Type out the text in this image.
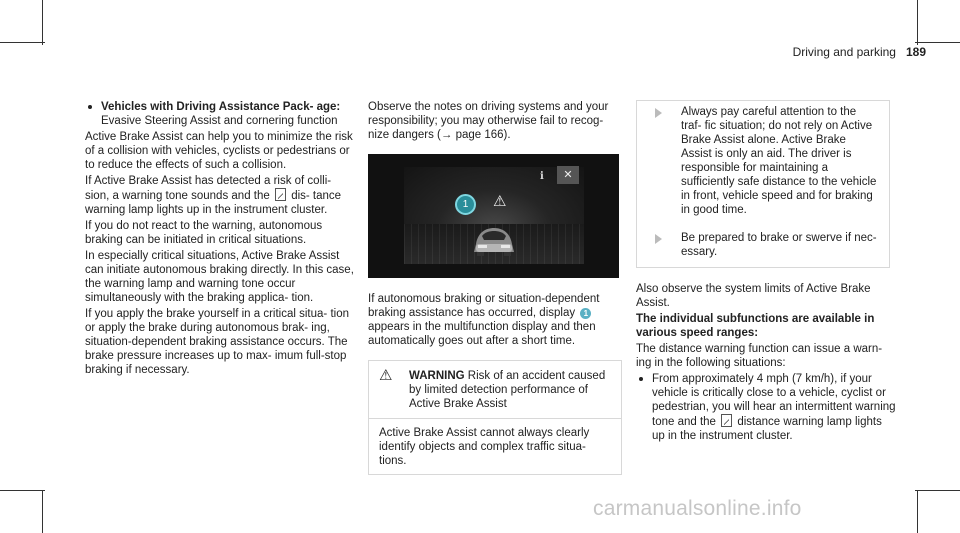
Driving and parking 189
Vehicles with Driving Assistance Pack‐ age: Evasive Steering Assist and cornering function

Active Brake Assist can help you to minimize the risk of a collision with vehicles, cyclists or pedestrians or to reduce the effects of such a collision.

If Active Brake Assist has detected a risk of colli‐ sion, a warning tone sounds and the dis‐ tance warning lamp lights up in the instrument cluster.

If you do not react to the warning, autonomous braking can be initiated in critical situations.

In especially critical situations, Active Brake Assist can initiate autonomous braking directly. In this case, the warning lamp and warning tone occur simultaneously with the braking applica‐ tion.

If you apply the brake yourself in a critical situa‐ tion or apply the brake during autonomous brak‐ ing, situation-dependent braking assistance occurs. The brake pressure increases up to max‐ imum full-stop braking if necessary.

Observe the notes on driving systems and your responsibility; you may otherwise fail to recog‐ nize dangers (→ page 166).

i	✕
1	⚠

If autonomous braking or situation-dependent braking assistance has occurred, display 1 appears in the multifunction display and then automatically goes out after a short time.

⚠ WARNING Risk of an accident caused by limited detection performance of Active Brake Assist
Active Brake Assist cannot always clearly identify objects and complex traffic situa‐ tions.
Always pay careful attention to the traf‐ fic situation; do not rely on Active Brake Assist alone. Active Brake Assist is only an aid. The driver is responsible for maintaining a sufficiently safe distance to the vehicle in front, vehicle speed and for braking in good time.
Be prepared to brake or swerve if nec‐ essary.

Also observe the system limits of Active Brake Assist.

The individual subfunctions are available in various speed ranges:

The distance warning function can issue a warn‐ ing in the following situations:

From approximately 4 mph (7 km/h), if your vehicle is critically close to a vehicle, cyclist or pedestrian, you will hear an intermittent warning tone and the distance warning lamp lights up in the instrument cluster.
carmanualsonline.info
